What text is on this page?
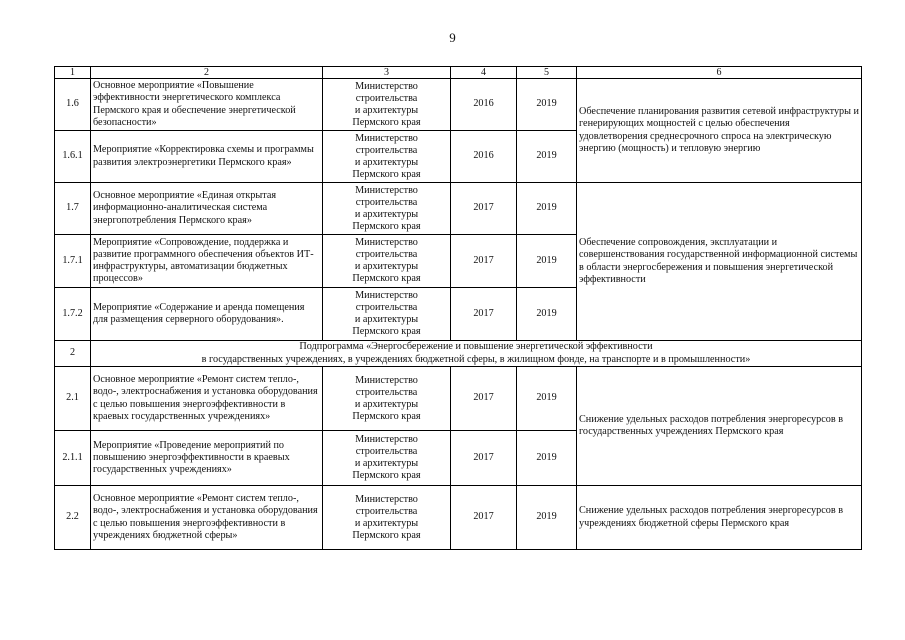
9
1	2	3	4	5	6
1.6	Основное мероприятие «Повышение эффективности энергетического комплекса Пермского края и обеспечение энергетической безопасности»	Министерство
строительства
и архитектуры
Пермского края	2016	2019	Обеспечение планирования развития сетевой инфраструктуры и генерирующих мощностей с целью обеспечения удовлетворения среднесрочного спроса на электрическую энергию (мощность) и тепловую энергию
1.6.1	Мероприятие «Корректировка схемы и программы развития электроэнергетики Пермского края»	Министерство
строительства
и архитектуры
Пермского края	2016	2019	
1.7	Основное мероприятие «Единая открытая информационно-аналитическая система энергопотребления Пермского края»	Министерство
строительства
и архитектуры
Пермского края	2017	2019	Обеспечение сопровождения, эксплуатации и совершенствования государственной информационной системы в области энергосбережения и повышения энергетической эффективности
1.7.1	Мероприятие «Сопровождение, поддержка и развитие программного обеспечения объектов ИТ-инфраструктуры, автоматизации бюджетных процессов»	Министерство
строительства
и архитектуры
Пермского края	2017	2019	
1.7.2	Мероприятие «Содержание и аренда помещения для размещения серверного оборудования».	Министерство
строительства
и архитектуры
Пермского края	2017	2019	
2	Подпрограмма «Энергосбережение и повышение энергетической эффективности
в государственных учреждениях, в учреждениях бюджетной сферы, в жилищном фонде, на транспорте и в промышленности»				

2.1	Основное мероприятие «Ремонт систем тепло-, водо-, электроснабжения и установка оборудования с целью повышения энергоэффективности в краевых государственных учреждениях»	Министерство
строительства
и архитектуры
Пермского края	2017	2019	Снижение удельных расходов потребления энергоресурсов в государственных учреждениях Пермского края
2.1.1	Мероприятие «Проведение мероприятий по повышению энергоэффективности в краевых государственных учреждениях»	Министерство
строительства
и архитектуры
Пермского края	2017	2019	
2.2	Основное мероприятие «Ремонт систем тепло-, водо-, электроснабжения и установка оборудования с целью повышения энергоэффективности в учреждениях бюджетной сферы»	Министерство
строительства
и архитектуры
Пермского края	2017	2019	Снижение удельных расходов потребления энергоресурсов в учреждениях бюджетной сферы Пермского края
